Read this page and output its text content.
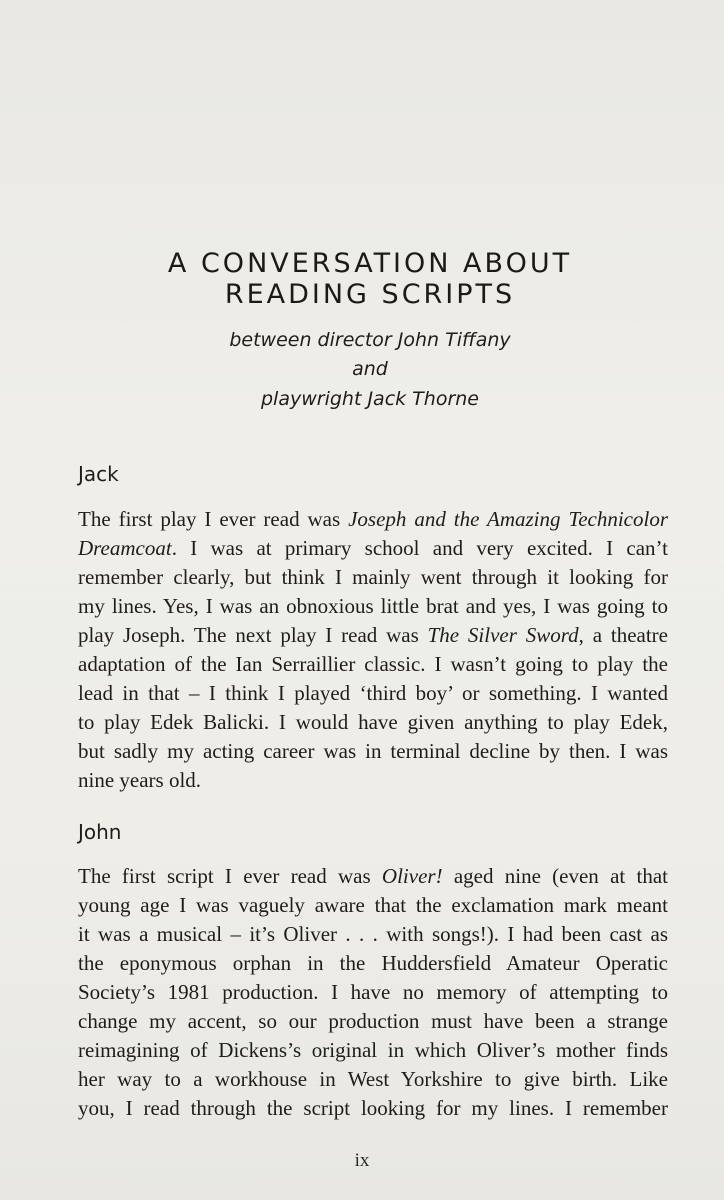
A CONVERSATION ABOUT
READING SCRIPTS
between director John Tiffany
and
playwright Jack Thorne
Jack
The first play I ever read was Joseph and the Amazing Technicolor
Dreamcoat. I was at primary school and very excited. I can’t
remember clearly, but think I mainly went through it looking for
my lines. Yes, I was an obnoxious little brat and yes, I was going to
play Joseph. The next play I read was The Silver Sword, a theatre
adaptation of the Ian Serraillier classic. I wasn’t going to play the
lead in that – I think I played ‘third boy’ or something. I wanted
to play Edek Balicki. I would have given anything to play Edek,
but sadly my acting career was in terminal decline by then. I was
nine years old.
John
The first script I ever read was Oliver! aged nine (even at that
young age I was vaguely aware that the exclamation mark meant
it was a musical – it’s Oliver . . . with songs!). I had been cast as
the eponymous orphan in the Huddersfield Amateur Operatic
Society’s 1981 production. I have no memory of attempting to
change my accent, so our production must have been a strange
reimagining of Dickens’s original in which Oliver’s mother finds
her way to a workhouse in West Yorkshire to give birth. Like
you, I read through the script looking for my lines. I remember
ix
